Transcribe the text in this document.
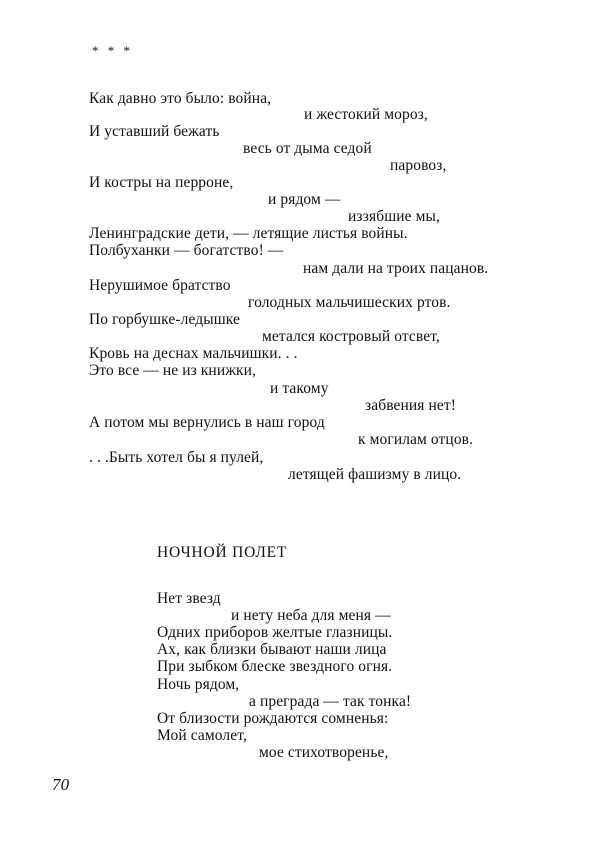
* * *
Как давно это было: война,
и жестокий мороз,
И уставший бежать
весь от дыма седой
паровоз,
И костры на перроне,
и рядом —
иззябшие мы,
Ленинградские дети, — летящие листья войны.
Полбуханки — богатство! —
нам дали на троих пацанов.
Нерушимое братство
голодных мальчишеских ртов.
По горбушке-ледышке
метался костровый отсвет,
Кровь на деснах мальчишки. . .
Это все — не из книжки,
и такому
забвения нет!
А потом мы вернулись в наш город
к могилам отцов.
. . .Быть хотел бы я пулей,
летящей фашизму в лицо.
НОЧНОЙ ПОЛЕТ
Нет звезд
и нету неба для меня —
Одних приборов желтые глазницы.
Ах, как близки бывают наши лица
При зыбком блеске звездного огня.
Ночь рядом,
а преграда — так тонка!
От близости рождаются сомненья:
Мой самолет,
мое стихотворенье,
70
